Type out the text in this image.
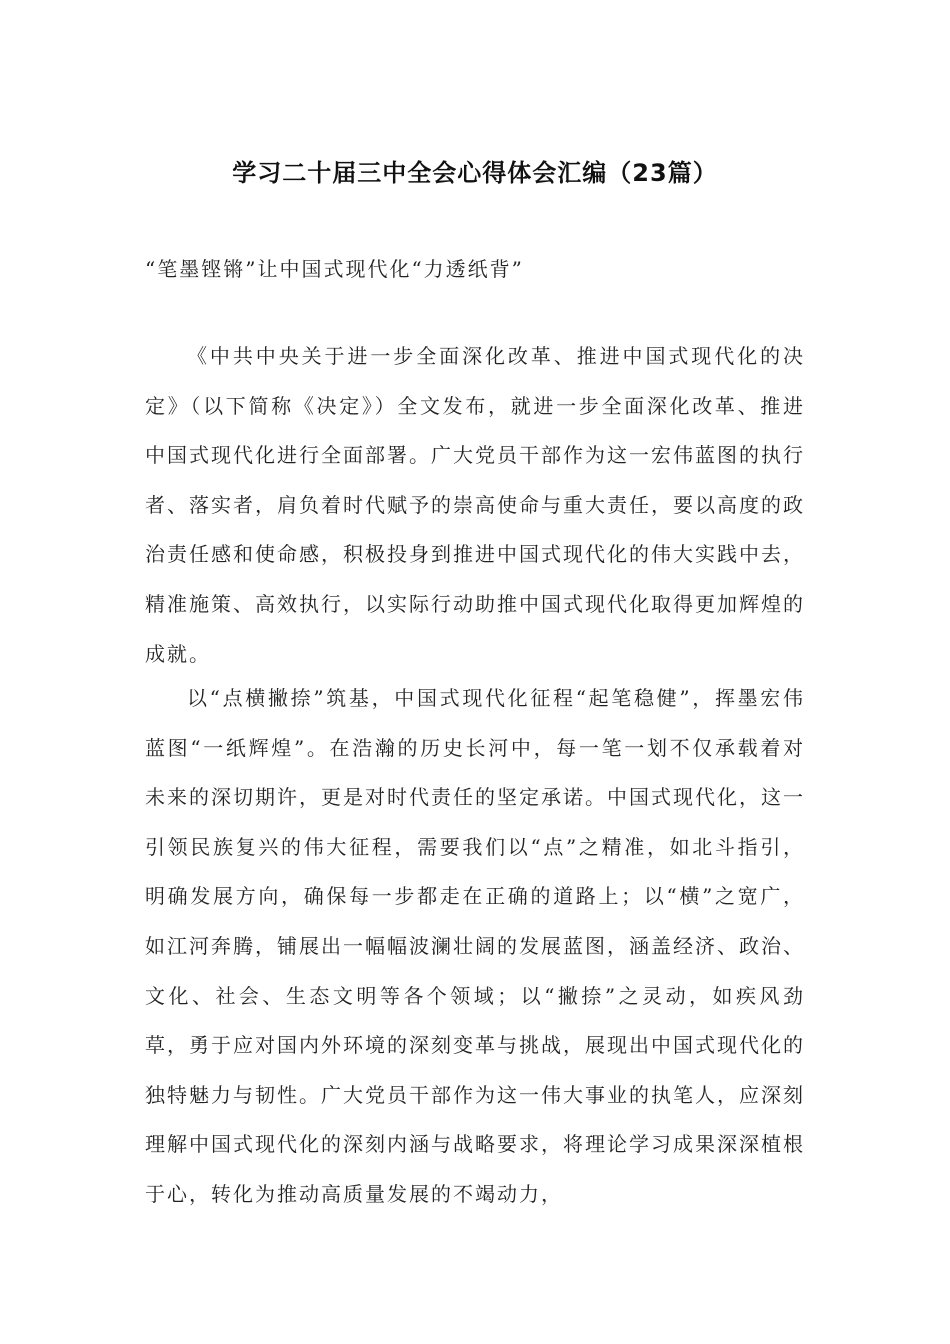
学习二十届三中全会心得体会汇编（23篇）

“笔墨铿锵”让中国式现代化“力透纸背”

《中共中央关于进一步全面深化改革、推进中国式现代化的决定》（以下简称《决定》）全文发布，就进一步全面深化改革、推进中国式现代化进行全面部署。广大党员干部作为这一宏伟蓝图的执行者、落实者，肩负着时代赋予的崇高使命与重大责任，要以高度的政治责任感和使命感，积极投身到推进中国式现代化的伟大实践中去，精准施策、高效执行，以实际行动助推中国式现代化取得更加辉煌的成就。

以“点横撇捺”筑基，中国式现代化征程“起笔稳健”，挥墨宏伟蓝图“一纸辉煌”。在浩瀚的历史长河中，每一笔一划不仅承载着对未来的深切期许，更是对时代责任的坚定承诺。中国式现代化，这一引领民族复兴的伟大征程，需要我们以“点”之精准，如北斗指引，明确发展方向，确保每一步都走在正确的道路上；以“横”之宽广，如江河奔腾，铺展出一幅幅波澜壮阔的发展蓝图，涵盖经济、政治、文化、社会、生态文明等各个领域；以“撇捺”之灵动，如疾风劲草，勇于应对国内外环境的深刻变革与挑战，展现出中国式现代化的独特魅力与韧性。广大党员干部作为这一伟大事业的执笔人，应深刻理解中国式现代化的深刻内涵与战略要求，将理论学习成果深深植根于心，转化为推动高质量发展的不竭动力，
